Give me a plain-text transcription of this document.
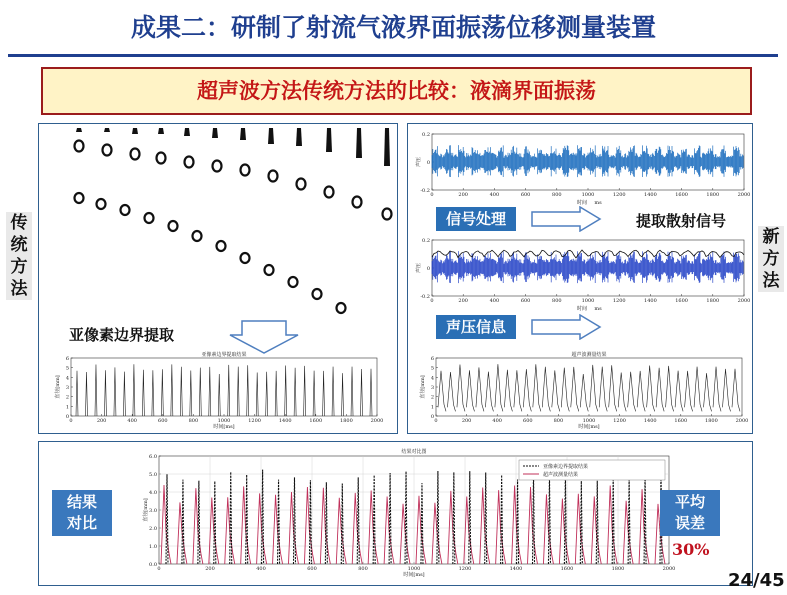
成果二：研制了射流气液界面振荡位移测量装置
超声波方法传统方法的比较：液滴界面振荡
传
统
方
法
新
方
法
亚像素边界提取
亚像素边界提取结果
0	200	400	600	800	1000	1200	1400	1600	1800	2000
6
5
4
3
2
1
0
直径[mm]
时间[ms]
0	200	400	600	800	1000	1200	1400	1600	1800	2000
0.2
0
-0.2
声压
时间 ms
信号处理	提取散射信号
0	200	400	600	800	1000	1200	1400	1600	1800	2000
0.2
0
-0.2
声压
时间 ms
声压信息
超声波测量结果
0	200	400	600	800	1000	1200	1400	1600	1800	2000
6
5
4
3
2
1
0
直径[mm]
时间[ms]
结果对比图
0	200	400	600	800	1000	1200	1400	1600	1800	2000
6.0
5.0
4.0
3.0
2.0
1.0
0.0
直径[mm]
时间[ms]
亚像素边界提取结果
超声波测量结果
结果
对比
平均
误差
30%
24/45
